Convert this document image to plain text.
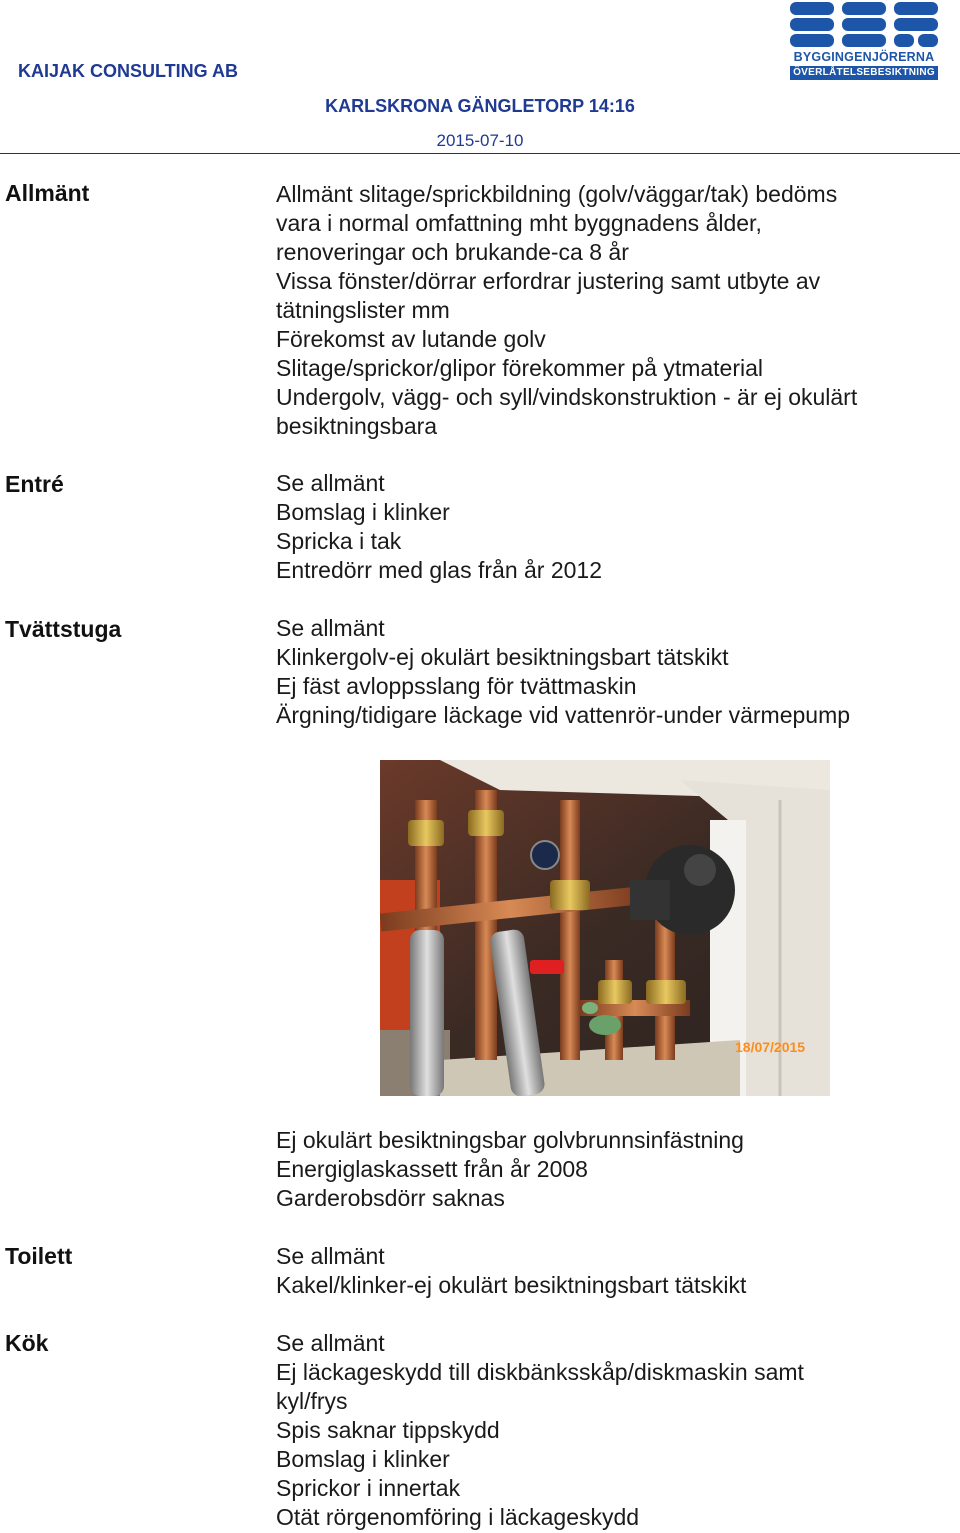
KAIJAK CONSULTING AB
BYGGINGENJÖRERNA
ÖVERLÅTELSEBESIKTNING
KARLSKRONA GÄNGLETORP 14:16
2015-07-10
Allmänt	Allmänt slitage/sprickbildning (golv/väggar/tak) bedöms
vara i normal omfattning mht byggnadens ålder,
renoveringar och brukande-ca 8 år
Vissa fönster/dörrar erfordrar justering samt utbyte av
tätningslister mm
Förekomst av lutande golv
Slitage/sprickor/glipor förekommer på ytmaterial
Undergolv, vägg- och syll/vindskonstruktion - är ej okulärt
besiktningsbara
Entré	Se allmänt
Bomslag i klinker
Spricka i tak
Entredörr med glas från år 2012
Tvättstuga	Se allmänt
Klinkergolv-ej okulärt besiktningsbart tätskikt
Ej fäst avloppsslang för tvättmaskin
Ärgning/tidigare läckage vid vattenrör-under värmepump
18/07/2015
Ej okulärt besiktningsbar golvbrunnsinfästning
Energiglaskassett från år 2008
Garderobsdörr saknas
Toilett	Se allmänt
Kakel/klinker-ej okulärt besiktningsbart tätskikt
Kök	Se allmänt
Ej läckageskydd till diskbänksskåp/diskmaskin samt
kyl/frys
Spis saknar tippskydd
Bomslag i klinker
Sprickor i innertak
Otät rörgenomföring i läckageskydd
